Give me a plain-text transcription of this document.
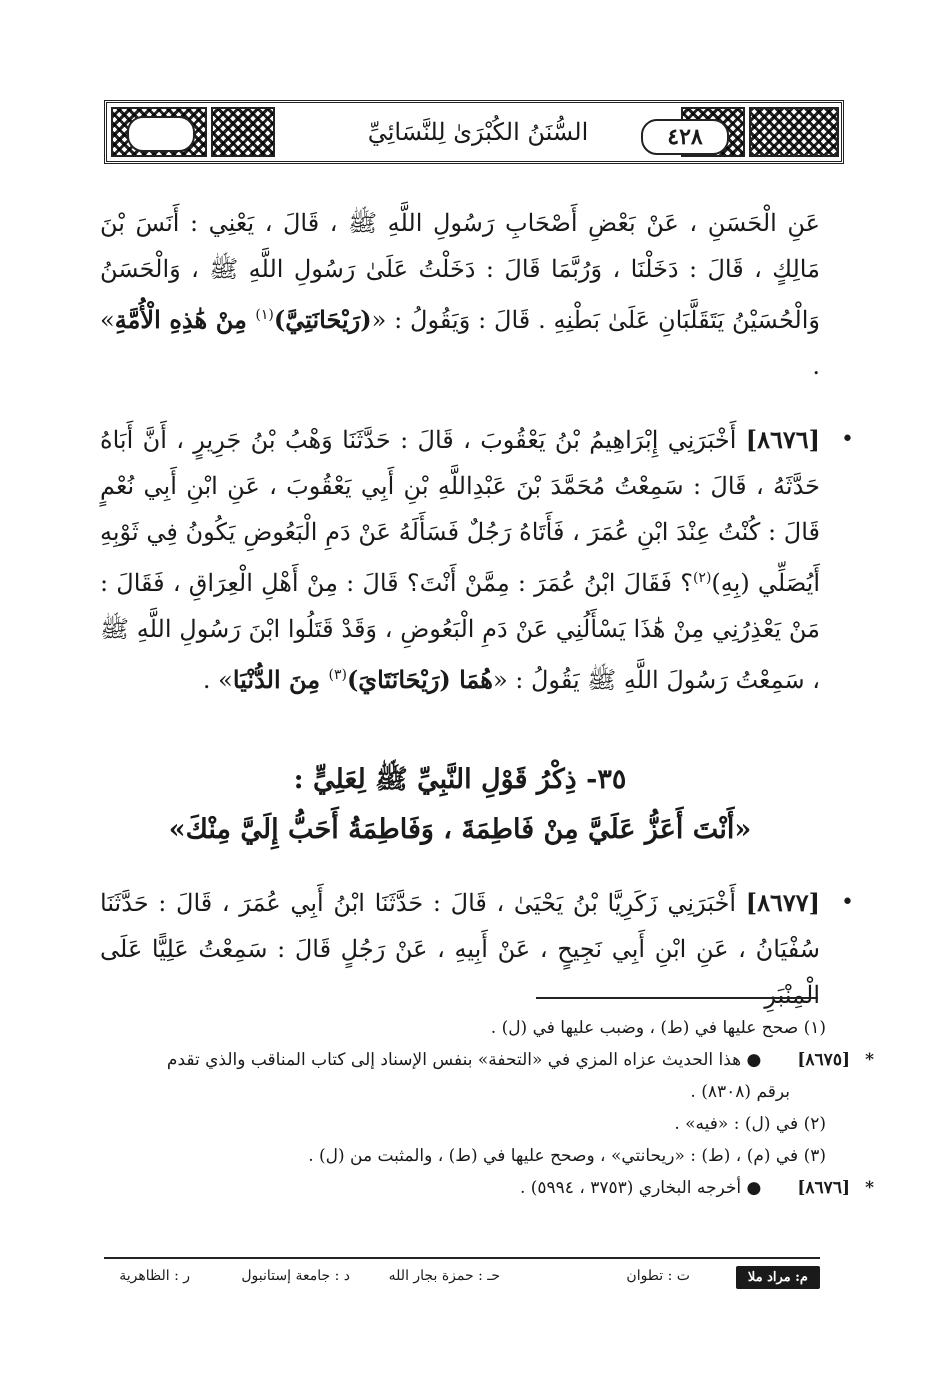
السُّنَنُ الكُبْرَىٰ لِلنَّسَائِيِّ	٤٢٨

عَنِ الْحَسَنِ ، عَنْ بَعْضِ أَصْحَابِ رَسُولِ اللَّهِ ﷺ ، قَالَ ، يَعْنِي : أَنَسَ بْنَ مَالِكٍ ، قَالَ : دَخَلْنَا ، وَرُبَّمَا قَالَ : دَخَلْتُ عَلَىٰ رَسُولِ اللَّهِ ﷺ ، وَالْحَسَنُ وَالْحُسَيْنُ يَتَقَلَّبَانِ عَلَىٰ بَطْنِهِ . قَالَ : وَيَقُولُ : «(رَيْحَانَتِيَّ)$^{(١)}$ مِنْ هَٰذِهِ الْأُمَّةِ» .

•
[٨٦٧٦] أَخْبَرَنِي إِبْرَاهِيمُ بْنُ يَعْقُوبَ ، قَالَ : حَدَّثَنَا وَهْبُ بْنُ جَرِيرٍ ، أَنَّ أَبَاهُ حَدَّثَهُ ، قَالَ : سَمِعْتُ مُحَمَّدَ بْنَ عَبْدِاللَّهِ بْنِ أَبِي يَعْقُوبَ ، عَنِ ابْنِ أَبِي نُعْمٍ قَالَ : كُنْتُ عِنْدَ ابْنِ عُمَرَ ، فَأَتَاهُ رَجُلٌ فَسَأَلَهُ عَنْ دَمِ الْبَعُوضِ يَكُونُ فِي ثَوْبِهِ أَيُصَلِّي (بِهِ)$^{(٢)}$؟ فَقَالَ ابْنُ عُمَرَ : مِمَّنْ أَنْتَ؟ قَالَ : مِنْ أَهْلِ الْعِرَاقِ ، فَقَالَ : مَنْ يَعْذِرُنِي مِنْ هَٰذَا يَسْأَلُنِي عَنْ دَمِ الْبَعُوضِ ، وَقَدْ قَتَلُوا ابْنَ رَسُولِ اللَّهِ ﷺ ، سَمِعْتُ رَسُولَ اللَّهِ ﷺ يَقُولُ : «هُمَا (رَيْحَانَتَايَ)$^{(٣)}$ مِنَ الدُّنْيَا» .

٣٥- ذِكْرُ قَوْلِ النَّبِيِّ ﷺ لِعَلِيٍّ :
«أَنْتَ أَعَزُّ عَلَيَّ مِنْ فَاطِمَةَ ، وَفَاطِمَةُ أَحَبُّ إِلَيَّ مِنْكَ»

•
[٨٦٧٧] أَخْبَرَنِي زَكَرِيَّا بْنُ يَحْيَىٰ ، قَالَ : حَدَّثَنَا ابْنُ أَبِي عُمَرَ ، قَالَ : حَدَّثَنَا سُفْيَانُ ، عَنِ ابْنِ أَبِي نَجِيحٍ ، عَنْ أَبِيهِ ، عَنْ رَجُلٍ قَالَ : سَمِعْتُ عَلِيًّا عَلَى الْمِنْبَرِ

(١) صحح عليها في (ط) ، وضبب عليها في (ل) .

*
[٨٦٧٥]● هذا الحديث عزاه المزي في «التحفة» بنفس الإسناد إلى كتاب المناقب والذي تقدم

برقم (٨٣٠٨) .

(٢) في (ل) : «فيه» .

(٣) في (م) ، (ط) : «ريحانتي» ، وصحح عليها في (ط) ، والمثبت من (ل) .

*
[٨٦٧٦]● أخرجه البخاري (٣٧٥٣ ، ٥٩٩٤) .

م: مراد ملا
ت : تطوان
حـ : حمزة بجار الله
د : جامعة إستانبول
ر : الظاهرية
